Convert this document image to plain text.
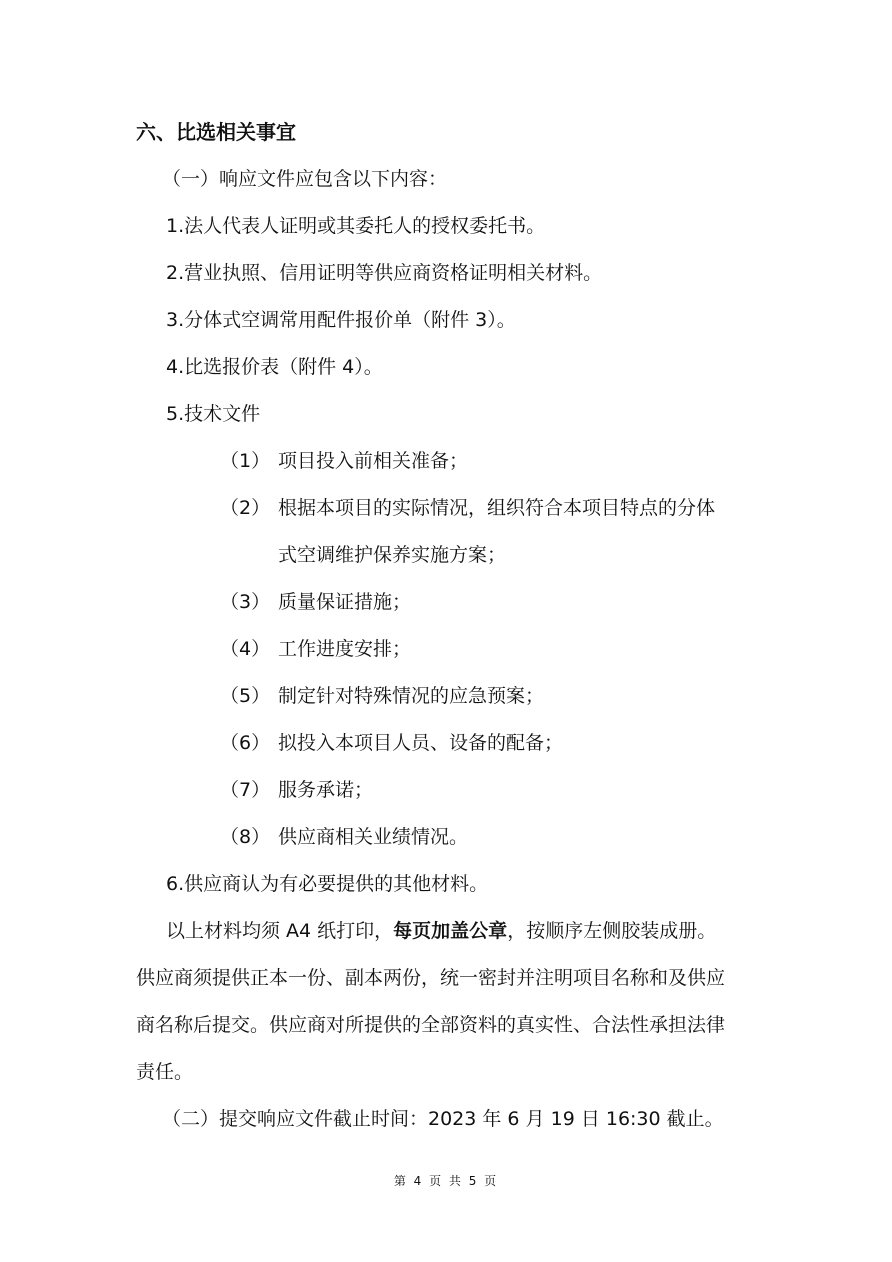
六、比选相关事宜
（一）响应文件应包含以下内容：
1.法人代表人证明或其委托人的授权委托书。
2.营业执照、信用证明等供应商资格证明相关材料。
3.分体式空调常用配件报价单（附件 3）。
4.比选报价表（附件 4）。
5.技术文件
（1） 项目投入前相关准备；
（2） 根据本项目的实际情况，组织符合本项目特点的分体
式空调维护保养实施方案；
（3） 质量保证措施；
（4） 工作进度安排；
（5） 制定针对特殊情况的应急预案；
（6） 拟投入本项目人员、设备的配备；
（7） 服务承诺；
（8） 供应商相关业绩情况。
6.供应商认为有必要提供的其他材料。
以上材料均须 A4 纸打印，每页加盖公章，按顺序左侧胶装成册。
供应商须提供正本一份、副本两份，统一密封并注明项目名称和及供应
商名称后提交。供应商对所提供的全部资料的真实性、合法性承担法律
责任。
（二）提交响应文件截止时间：2023 年 6 月 19 日 16:30 截止。
第 4 页 共 5 页
